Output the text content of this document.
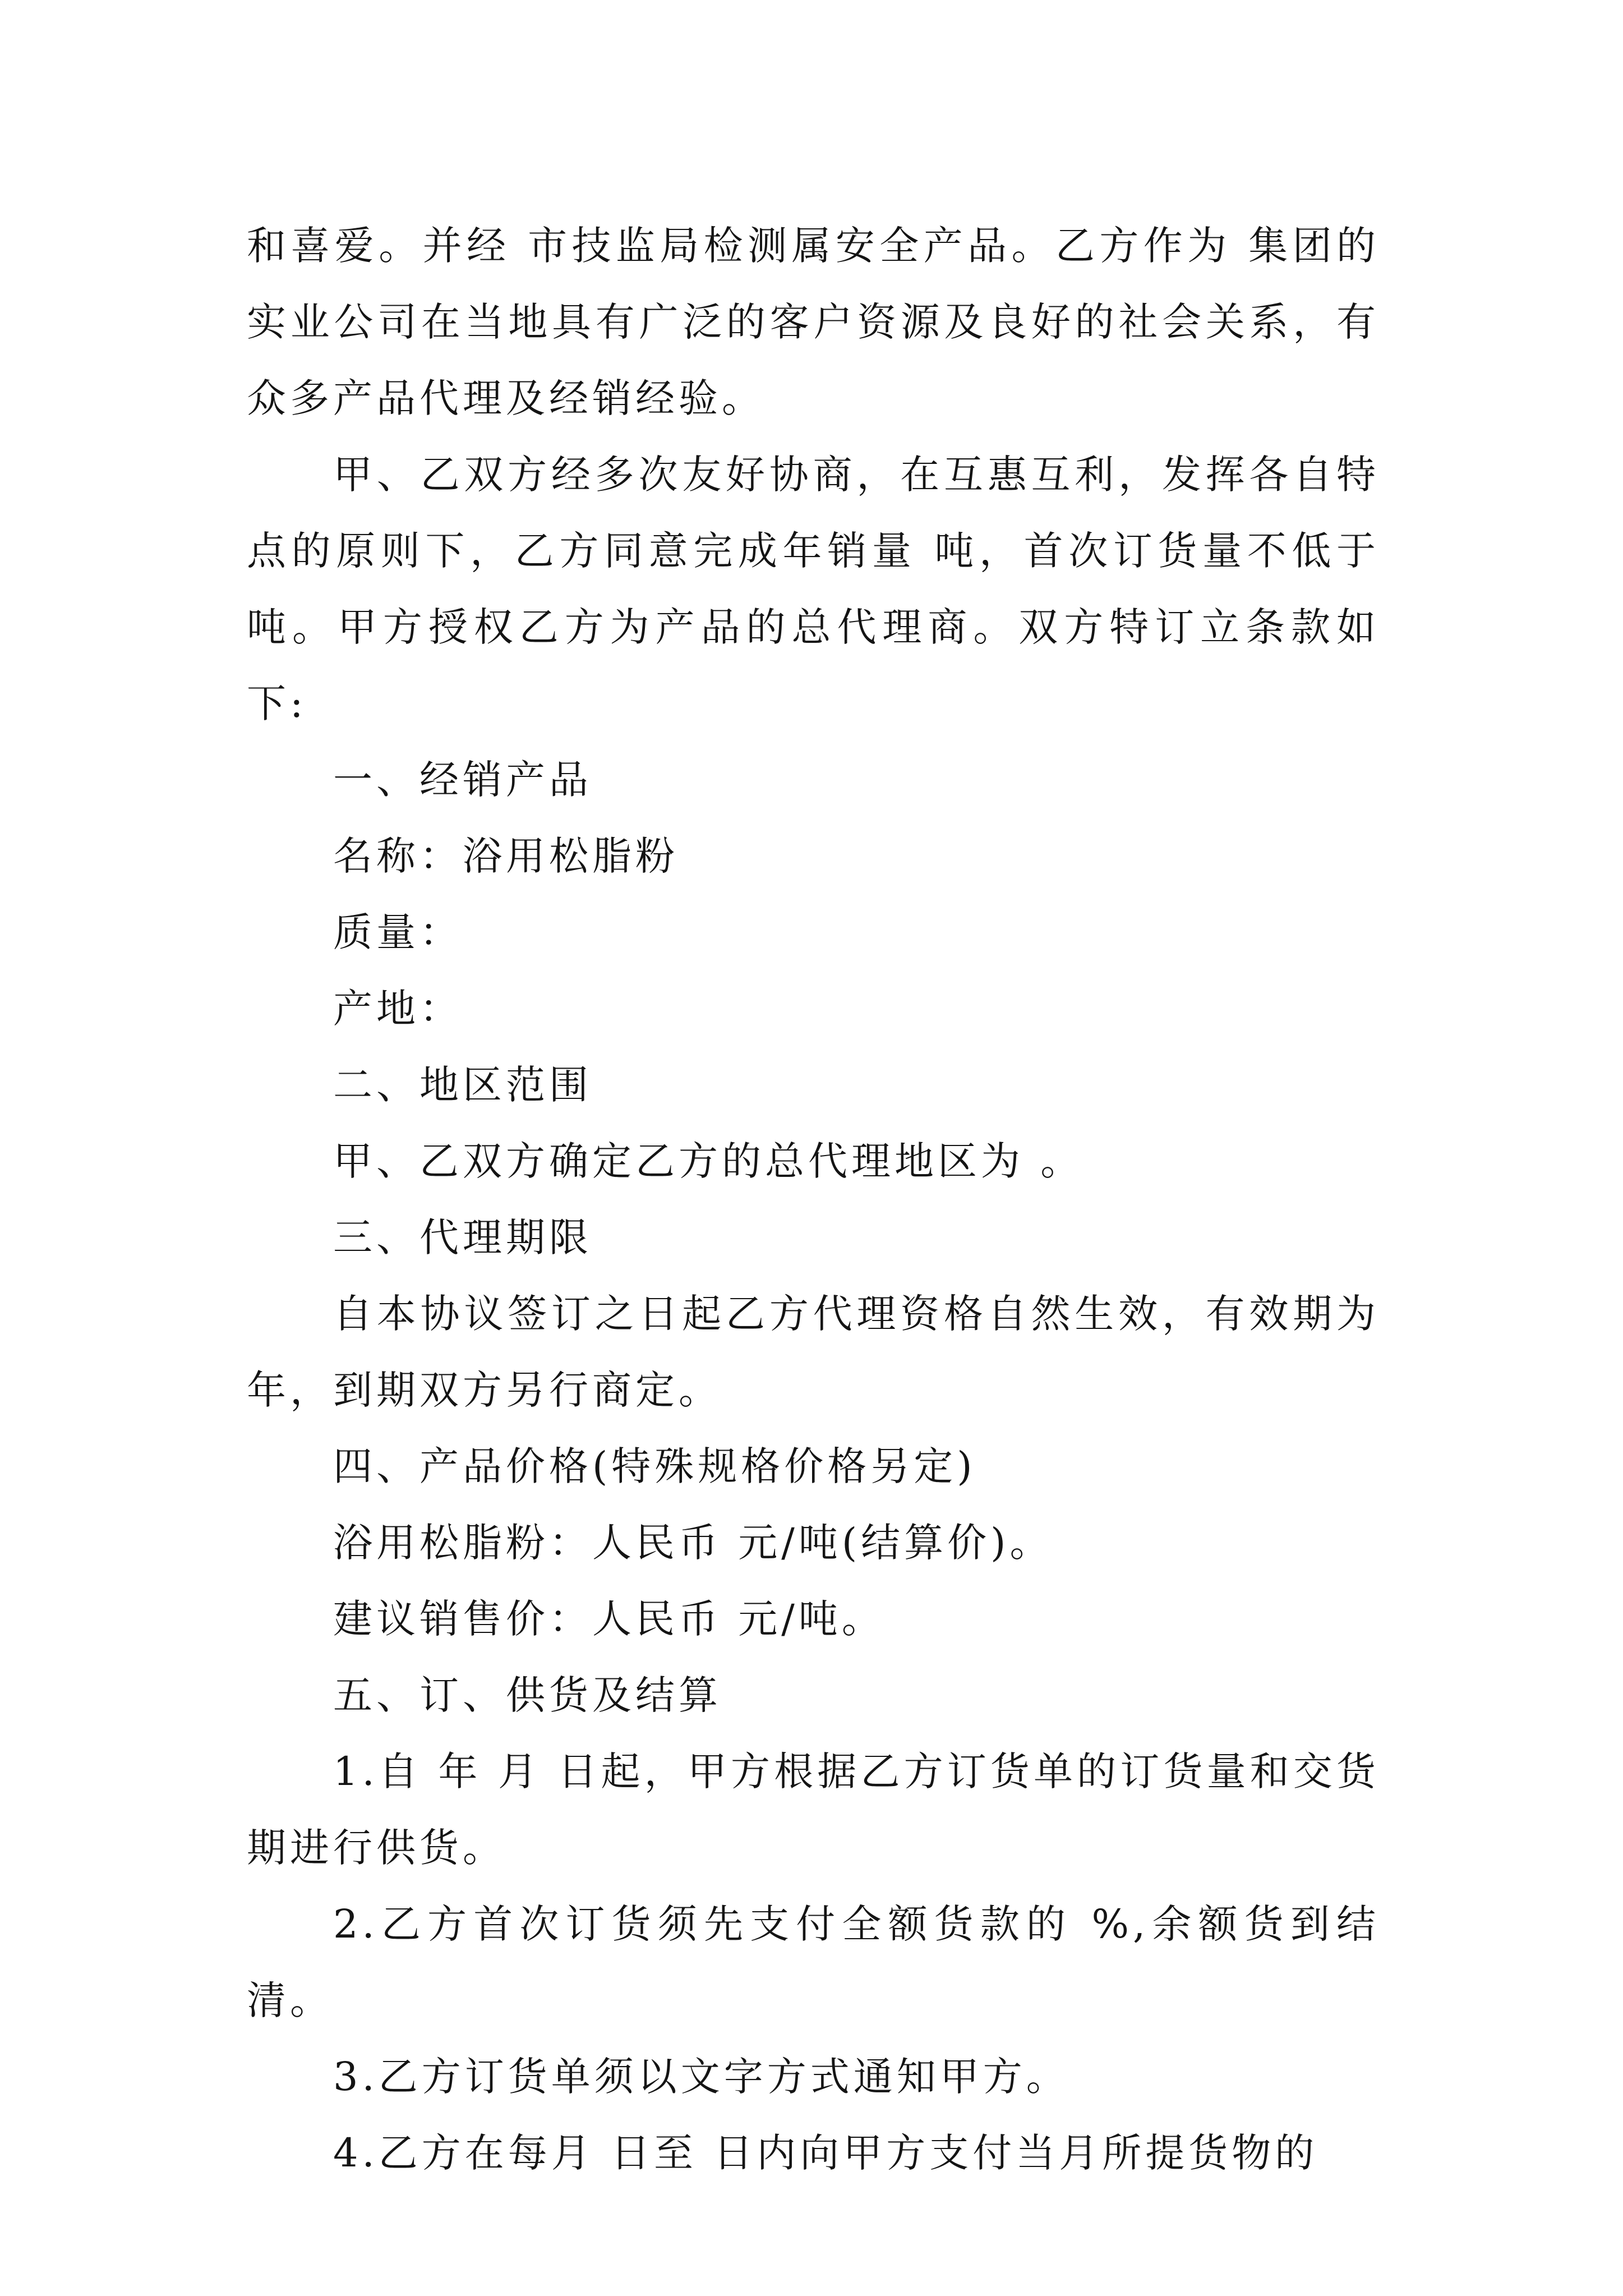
和喜爱。并经 市技监局检测属安全产品。乙方作为 集团的实业公司在当地具有广泛的客户资源及良好的社会关系，有众多产品代理及经销经验。

甲、乙双方经多次友好协商，在互惠互利，发挥各自特点的原则下，乙方同意完成年销量 吨，首次订货量不低于 吨。甲方授权乙方为产品的总代理商。双方特订立条款如下:

一、经销产品

名称：浴用松脂粉

质量：

产地：

二、地区范围

甲、乙双方确定乙方的总代理地区为 。

三、代理期限

自本协议签订之日起乙方代理资格自然生效，有效期为 年，到期双方另行商定。

四、产品价格(特殊规格价格另定)

浴用松脂粉：人民币 元/吨(结算价)。

建议销售价：人民币 元/吨。

五、订、供货及结算

1.自 年 月 日起，甲方根据乙方订货单的订货量和交货期进行供货。

2.乙方首次订货须先支付全额货款的 %,余额货到结清。

3.乙方订货单须以文字方式通知甲方。

4.乙方在每月 日至 日内向甲方支付当月所提货物的
